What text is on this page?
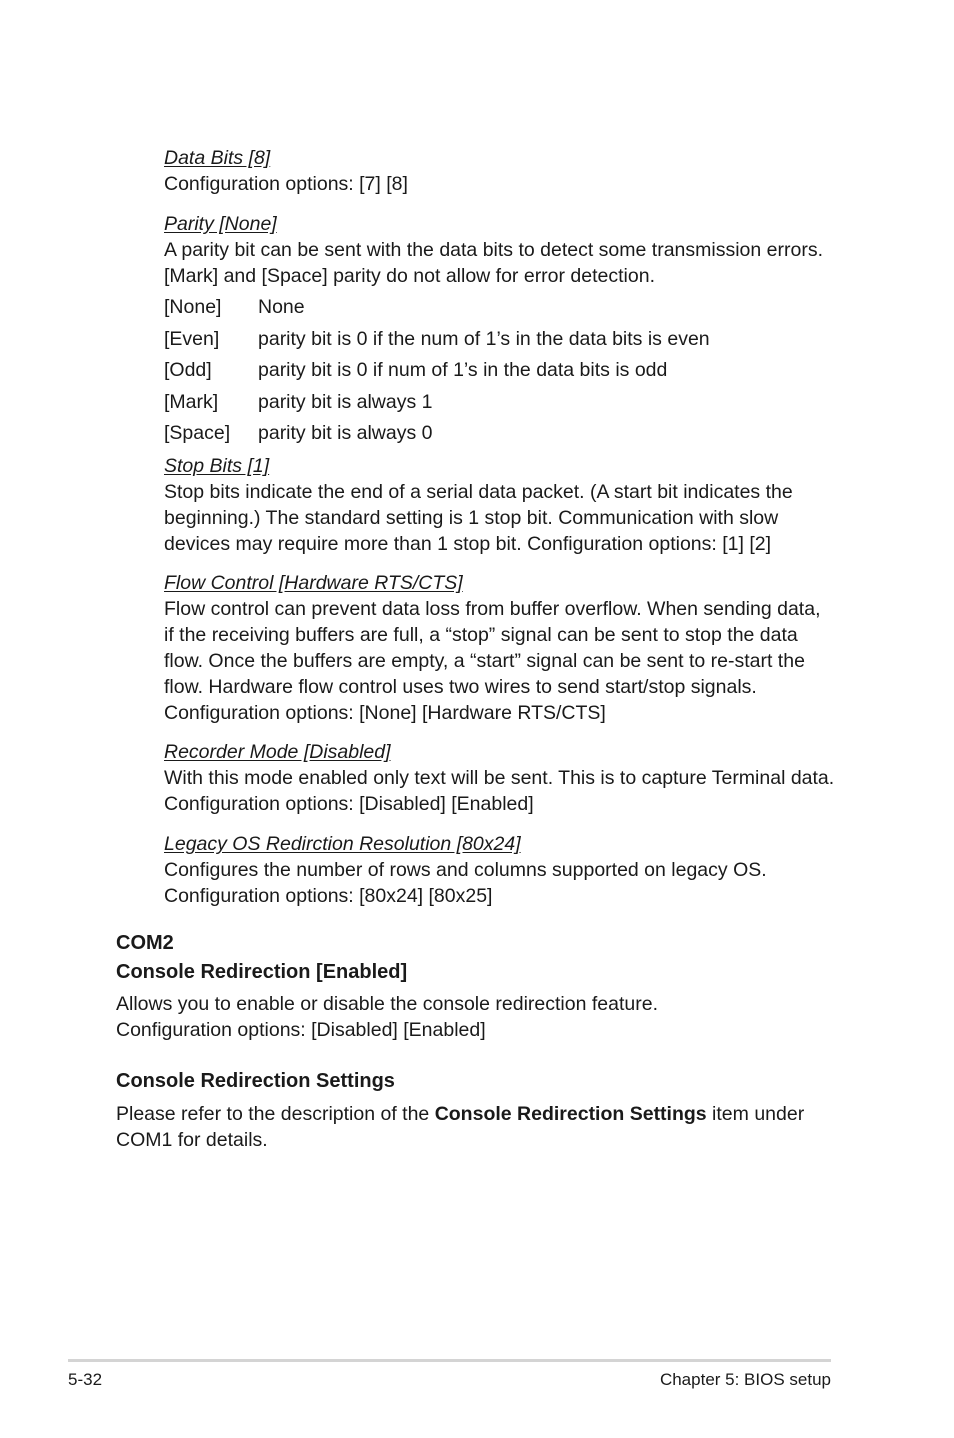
Data Bits [8]

Configuration options: [7] [8]

Parity [None]

A parity bit can be sent with the data bits to detect some transmission errors.

[Mark] and [Space] parity do not allow for error detection.

[None]	None
[Even]	parity bit is 0 if the num of 1’s in the data bits is even
[Odd]	parity bit is 0 if num of 1’s in the data bits is odd
[Mark]	parity bit is always 1
[Space]	parity bit is always 0
Stop Bits [1]

Stop bits indicate the end of a serial data packet. (A start bit indicates the

beginning.) The standard setting is 1 stop bit. Communication with slow

devices may require more than 1 stop bit. Configuration options: [1] [2]

Flow Control [Hardware RTS/CTS]

Flow control can prevent data loss from buffer overflow. When sending data,

if the receiving buffers are full, a “stop” signal can be sent to stop the data

flow. Once the buffers are empty, a “start” signal can be sent to re-start the

flow. Hardware flow control uses two wires to send start/stop signals.

Configuration options: [None] [Hardware RTS/CTS]

Recorder Mode [Disabled]

With this mode enabled only text will be sent. This is to capture Terminal data.

Configuration options: [Disabled] [Enabled]

Legacy OS Redirction Resolution [80x24]

Configures the number of rows and columns supported on legacy OS.

Configuration options: [80x24] [80x25]

COM2
Console Redirection [Enabled]

Allows you to enable or disable the console redirection feature.

Configuration options: [Disabled] [Enabled]

Console Redirection Settings

Please refer to the description of the Console Redirection Settings item under

COM1 for details.

5-32	Chapter 5: BIOS setup
